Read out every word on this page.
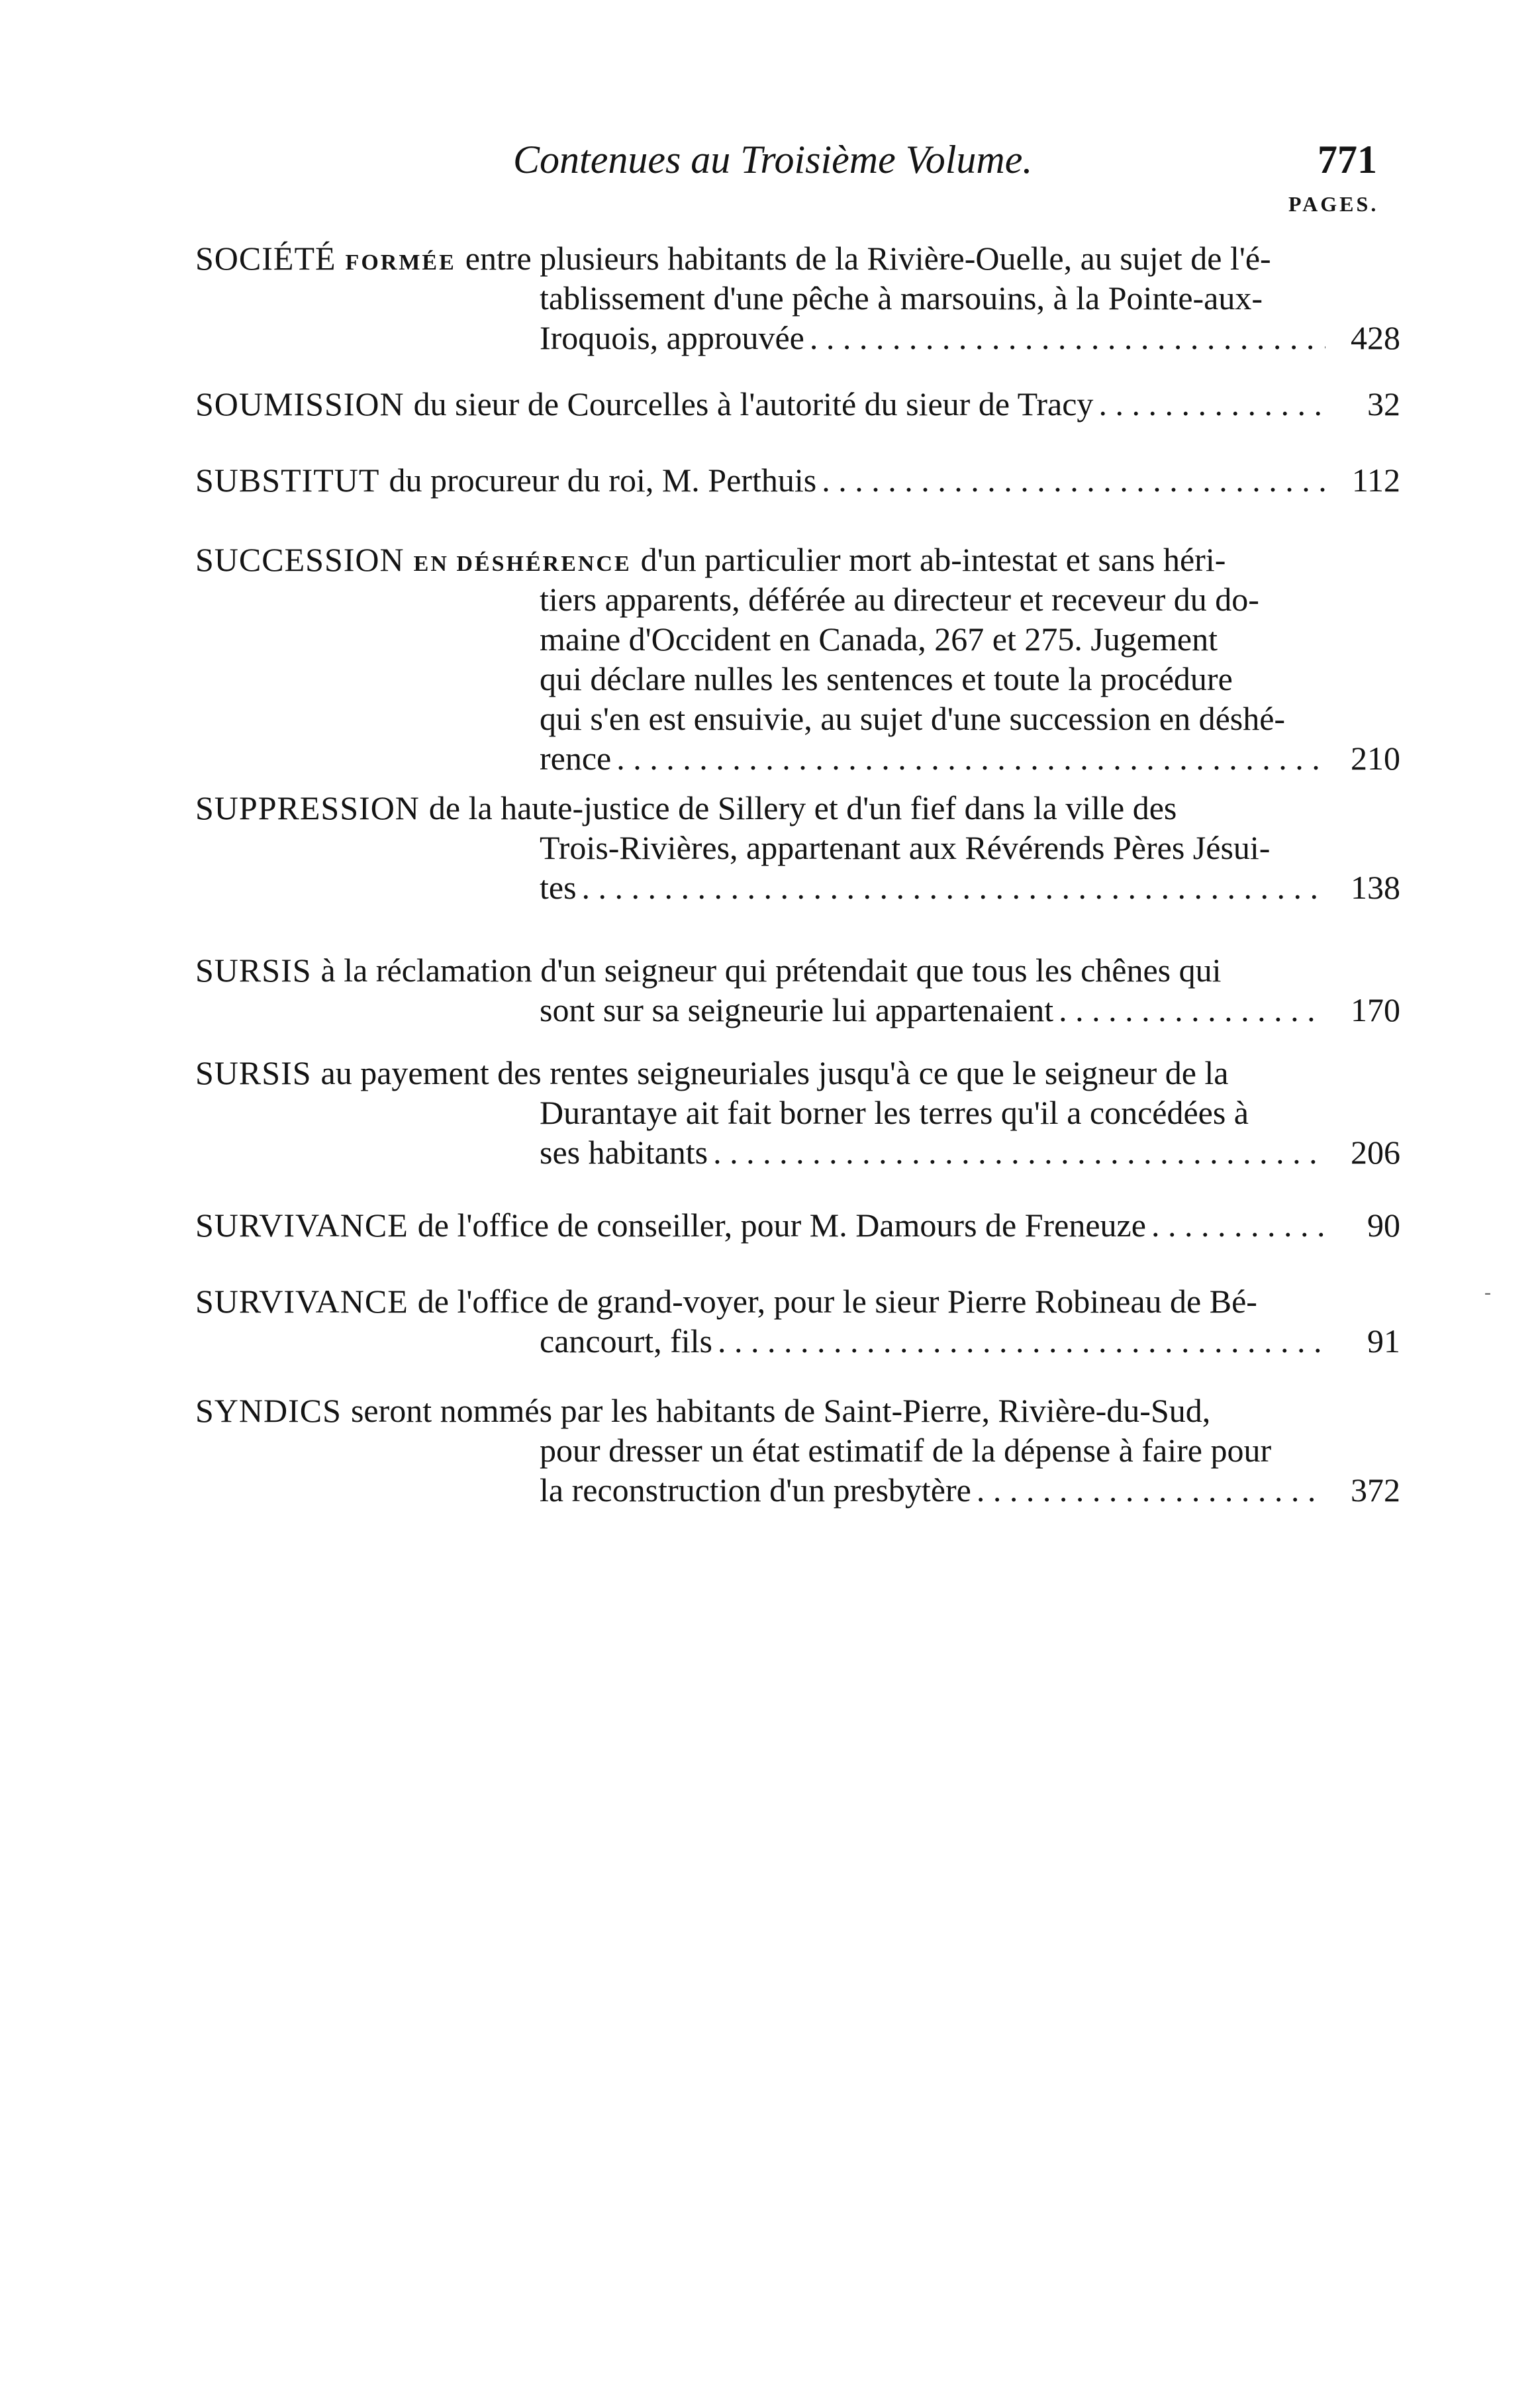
Contenues au Troisième Volume.	771
PAGES.
SOCIÉTÉ FORMÉE entre plusieurs habitants de la Rivière-Ouelle, au sujet de l'é-
tablissement d'une pêche à marsouins, à la Pointe-aux-
Iroquois, approuvée . . .	428
SOUMISSION du sieur de Courcelles à l'autorité du sieur de Tracy . . .	32
SUBSTITUT du procureur du roi, M. Perthuis . . .	112
SUCCESSION EN DÉSHÉRENCE d'un particulier mort ab-intestat et sans héri-
tiers apparents, déférée au directeur et receveur du do-
maine d'Occident en Canada, 267 et 275. Jugement
qui déclare nulles les sentences et toute la procédure
qui s'en est ensuivie, au sujet d'une succession en déshé-
rence . . .	210
SUPPRESSION de la haute-justice de Sillery et d'un fief dans la ville des
Trois-Rivières, appartenant aux Révérends Pères Jésui-
tes . . .	138
SURSIS à la réclamation d'un seigneur qui prétendait que tous les chênes qui
sont sur sa seigneurie lui appartenaient . . .	170
SURSIS au payement des rentes seigneuriales jusqu'à ce que le seigneur de la
Durantaye ait fait borner les terres qu'il a concédées à
ses habitants . . .	206
SURVIVANCE de l'office de conseiller, pour M. Damours de Freneuze . . .	90
SURVIVANCE de l'office de grand-voyer, pour le sieur Pierre Robineau de Bé-
cancourt, fils . . .	91
SYNDICS seront nommés par les habitants de Saint-Pierre, Rivière-du-Sud,
pour dresser un état estimatif de la dépense à faire pour
la reconstruction d'un presbytère . . .	372
-
